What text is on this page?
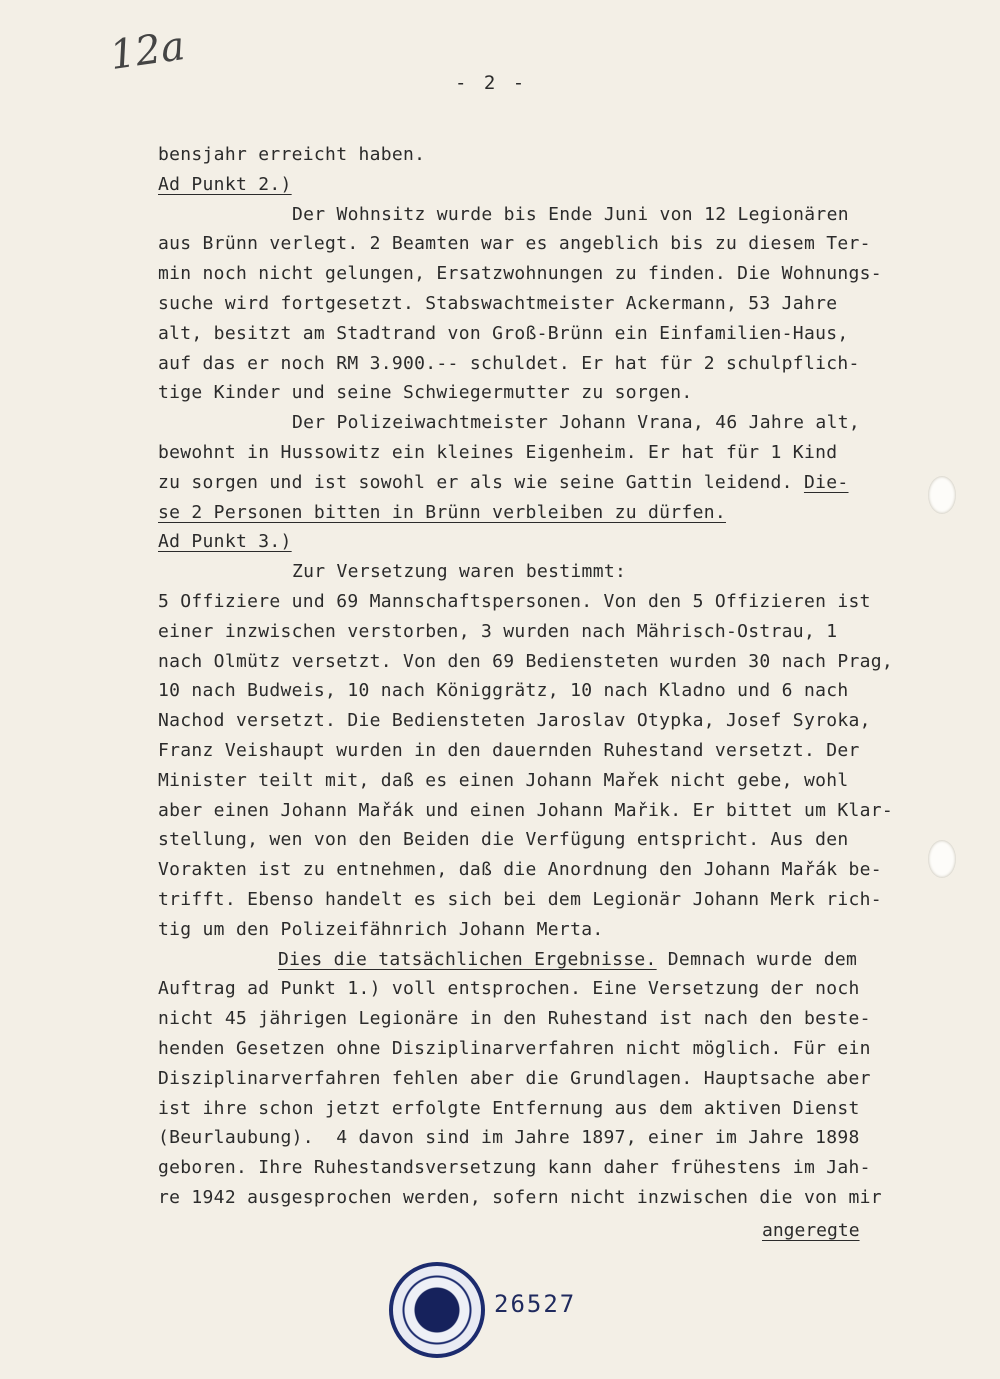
12a
- 2 -
bensjahr erreicht haben.
Ad Punkt 2.)
Der Wohnsitz wurde bis Ende Juni von 12 Legionären
aus Brünn verlegt. 2 Beamten war es angeblich bis zu diesem Ter-
min noch nicht gelungen, Ersatzwohnungen zu finden. Die Wohnungs-
suche wird fortgesetzt. Stabswachtmeister Ackermann, 53 Jahre
alt, besitzt am Stadtrand von Groß-Brünn ein Einfamilien-Haus,
auf das er noch RM 3.900.-- schuldet. Er hat für 2 schulpflich-
tige Kinder und seine Schwiegermutter zu sorgen.
Der Polizeiwachtmeister Johann Vrana, 46 Jahre alt,
bewohnt in Hussowitz ein kleines Eigenheim. Er hat für 1 Kind
zu sorgen und ist sowohl er als wie seine Gattin leidend. Die-
se 2 Personen bitten in Brünn verbleiben zu dürfen.
Ad Punkt 3.)
Zur Versetzung waren bestimmt:
5 Offiziere und 69 Mannschaftspersonen. Von den 5 Offizieren ist
einer inzwischen verstorben, 3 wurden nach Mährisch-Ostrau, 1
nach Olmütz versetzt. Von den 69 Bediensteten wurden 30 nach Prag,
10 nach Budweis, 10 nach Königgrätz, 10 nach Kladno und 6 nach
Nachod versetzt. Die Bediensteten Jaroslav Otypka, Josef Syroka,
Franz Veishaupt wurden in den dauernden Ruhestand versetzt. Der
Minister teilt mit, daß es einen Johann Mařek nicht gebe, wohl
aber einen Johann Mařák und einen Johann Mařik. Er bittet um Klar-
stellung, wen von den Beiden die Verfügung entspricht. Aus den
Vorakten ist zu entnehmen, daß die Anordnung den Johann Mařák be-
trifft. Ebenso handelt es sich bei dem Legionär Johann Merk rich-
tig um den Polizeifähnrich Johann Merta.
Dies die tatsächlichen Ergebnisse. Demnach wurde dem
Auftrag ad Punkt 1.) voll entsprochen. Eine Versetzung der noch
nicht 45 jährigen Legionäre in den Ruhestand ist nach den beste-
henden Gesetzen ohne Disziplinarverfahren nicht möglich. Für ein
Disziplinarverfahren fehlen aber die Grundlagen. Hauptsache aber
ist ihre schon jetzt erfolgte Entfernung aus dem aktiven Dienst
(Beurlaubung).  4 davon sind im Jahre 1897, einer im Jahre 1898
geboren. Ihre Ruhestandsversetzung kann daher frühestens im Jah-
re 1942 ausgesprochen werden, sofern nicht inzwischen die von mir
angeregte
26527
